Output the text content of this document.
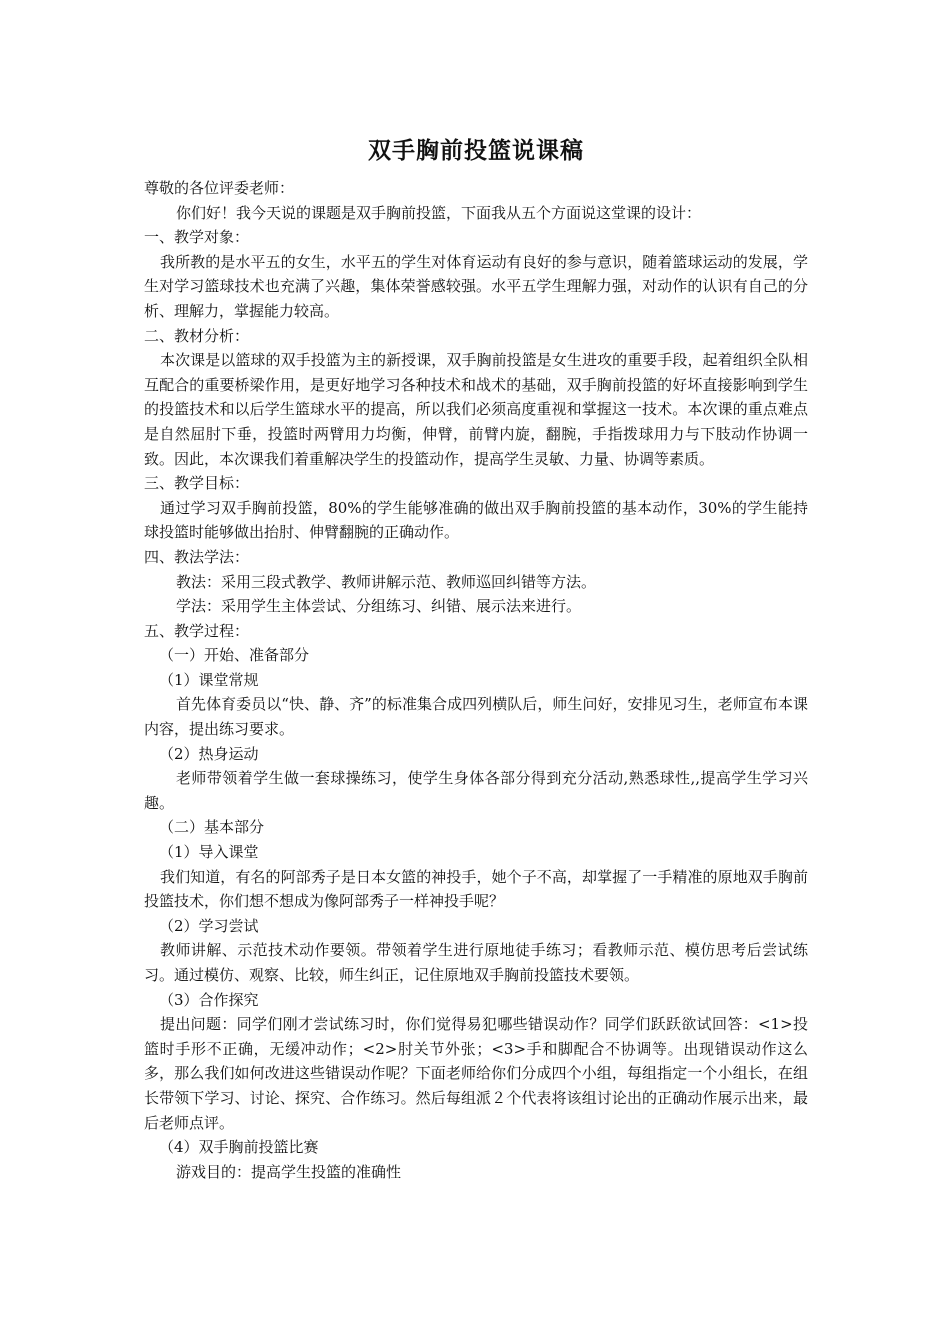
双手胸前投篮说课稿

尊敬的各位评委老师：

你们好！我今天说的课题是双手胸前投篮，下面我从五个方面说这堂课的设计：

一、教学对象：

我所教的是水平五的女生，水平五的学生对体育运动有良好的参与意识，随着篮球运动的发展，学生对学习篮球技术也充满了兴趣，集体荣誉感较强。水平五学生理解力强，对动作的认识有自己的分析、理解力，掌握能力较高。

二、教材分析：

本次课是以篮球的双手投篮为主的新授课，双手胸前投篮是女生进攻的重要手段，起着组织全队相互配合的重要桥梁作用，是更好地学习各种技术和战术的基础，双手胸前投篮的好坏直接影响到学生的投篮技术和以后学生篮球水平的提高，所以我们必须高度重视和掌握这一技术。本次课的重点难点是自然屈肘下垂，投篮时两臂用力均衡，伸臂，前臂内旋，翻腕，手指拨球用力与下肢动作协调一致。因此，本次课我们着重解决学生的投篮动作，提高学生灵敏、力量、协调等素质。

三、教学目标：

通过学习双手胸前投篮，80%的学生能够准确的做出双手胸前投篮的基本动作，30%的学生能持球投篮时能够做出抬肘、伸臂翻腕的正确动作。

四、教法学法：

教法：采用三段式教学、教师讲解示范、教师巡回纠错等方法。

学法：采用学生主体尝试、分组练习、纠错、展示法来进行。

五、教学过程：

（一）开始、准备部分

（1）课堂常规

首先体育委员以“快、静、齐”的标准集合成四列横队后，师生问好，安排见习生，老师宣布本课内容，提出练习要求。

（2）热身运动

老师带领着学生做一套球操练习，使学生身体各部分得到充分活动,熟悉球性,,提高学生学习兴趣。

（二）基本部分

（1）导入课堂

我们知道，有名的阿部秀子是日本女篮的神投手，她个子不高，却掌握了一手精准的原地双手胸前投篮技术，你们想不想成为像阿部秀子一样神投手呢？

（2）学习尝试

教师讲解、示范技术动作要领。带领着学生进行原地徒手练习；看教师示范、模仿思考后尝试练习。通过模仿、观察、比较，师生纠正，记住原地双手胸前投篮技术要领。

（3）合作探究

提出问题：同学们刚才尝试练习时，你们觉得易犯哪些错误动作？同学们跃跃欲试回答：<1>投篮时手形不正确，无缓冲动作；<2>肘关节外张；<3>手和脚配合不协调等。出现错误动作这么多，那么我们如何改进这些错误动作呢？下面老师给你们分成四个小组，每组指定一个小组长，在组长带领下学习、讨论、探究、合作练习。然后每组派２个代表将该组讨论出的正确动作展示出来，最后老师点评。

（4）双手胸前投篮比赛

游戏目的：提高学生投篮的准确性
